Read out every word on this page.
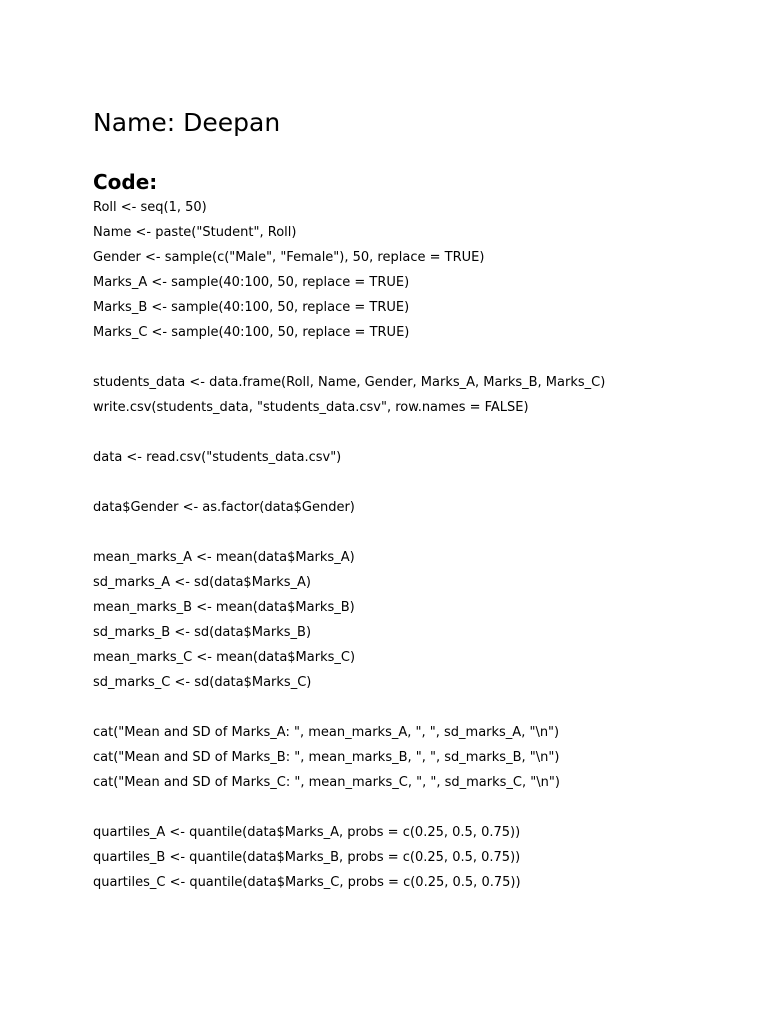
Name: Deepan
Code:
Roll <- seq(1, 50)
Name <- paste("Student", Roll)
Gender <- sample(c("Male", "Female"), 50, replace = TRUE)
Marks_A <- sample(40:100, 50, replace = TRUE)
Marks_B <- sample(40:100, 50, replace = TRUE)
Marks_C <- sample(40:100, 50, replace = TRUE)
students_data <- data.frame(Roll, Name, Gender, Marks_A, Marks_B, Marks_C)
write.csv(students_data, "students_data.csv", row.names = FALSE)
data <- read.csv("students_data.csv")
data$Gender <- as.factor(data$Gender)
mean_marks_A <- mean(data$Marks_A)
sd_marks_A <- sd(data$Marks_A)
mean_marks_B <- mean(data$Marks_B)
sd_marks_B <- sd(data$Marks_B)
mean_marks_C <- mean(data$Marks_C)
sd_marks_C <- sd(data$Marks_C)
cat("Mean and SD of Marks_A: ", mean_marks_A, ", ", sd_marks_A, "\n")
cat("Mean and SD of Marks_B: ", mean_marks_B, ", ", sd_marks_B, "\n")
cat("Mean and SD of Marks_C: ", mean_marks_C, ", ", sd_marks_C, "\n")
quartiles_A <- quantile(data$Marks_A, probs = c(0.25, 0.5, 0.75))
quartiles_B <- quantile(data$Marks_B, probs = c(0.25, 0.5, 0.75))
quartiles_C <- quantile(data$Marks_C, probs = c(0.25, 0.5, 0.75))
